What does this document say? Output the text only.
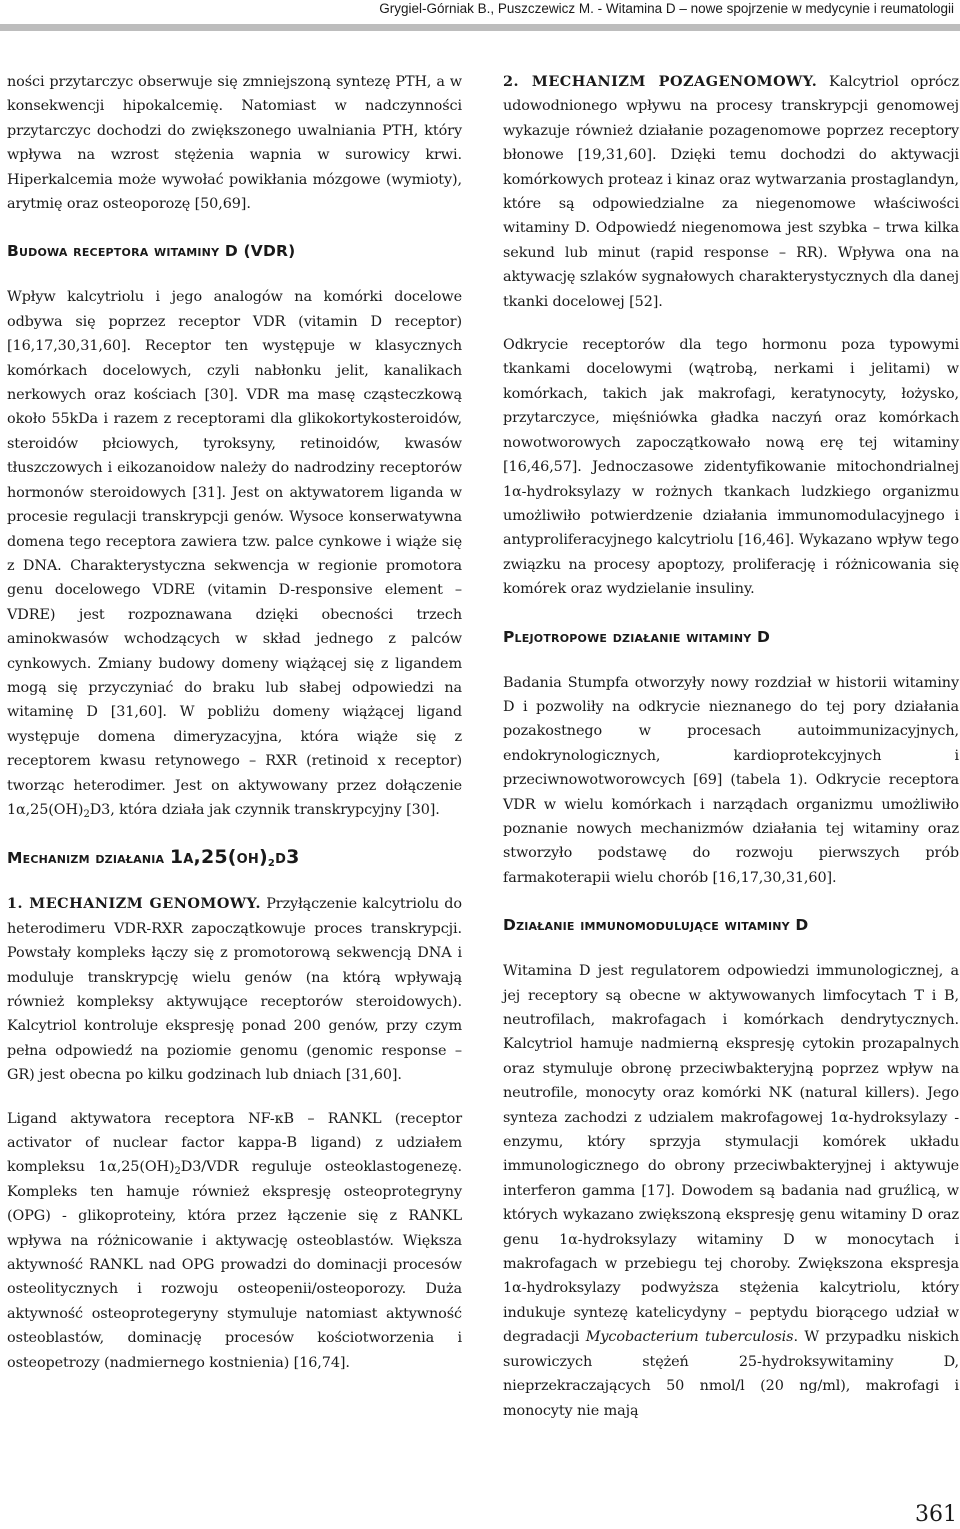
Grygiel-Górniak B., Puszczewicz M. - Witamina D – nowe spojrzenie w medycynie i reumatologii

ności przytarczyc obserwuje się zmniejszoną syntezę PTH, a w konsekwencji hipokalcemię. Natomiast w nadczynności przytarczyc dochodzi do zwiększonego uwalniania PTH, który wpływa na wzrost stężenia wapnia w surowicy krwi. Hiperkalcemia może wywołać powikłania mózgowe (wymioty), arytmię oraz osteoporozę [50,69].

Budowa receptora witaminy D (VDR)

Wpływ kalcytriolu i jego analogów na komórki docelowe odbywa się poprzez receptor VDR (vitamin D receptor) [16,17,30,31,60]. Receptor ten występuje w klasycznych komórkach docelowych, czyli nabłonku jelit, kanalikach nerkowych oraz kościach [30]. VDR ma masę cząsteczkową około 55kDa i razem z receptorami dla glikokortykosteroidów, steroidów płciowych, tyroksyny, retinoidów, kwasów tłuszczowych i eikozanoidow należy do nadrodziny receptorów hormonów steroidowych [31]. Jest on aktywatorem liganda w procesie regulacji transkrypcji genów. Wysoce konserwatywna domena tego receptora zawiera tzw. palce cynkowe i wiąże się z DNA. Charakterystyczna sekwencja w regionie promotora genu docelowego VDRE (vitamin D-responsive element – VDRE) jest rozpoznawana dzięki obecności trzech aminokwasów wchodzących w skład jednego z palców cynkowych. Zmiany budowy domeny wiążącej się z ligandem mogą się przyczyniać do braku lub słabej odpowiedzi na witaminę D [31,60]. W pobliżu domeny wiążącej ligand występuje domena dimeryzacyjna, która wiąże się z receptorem kwasu retynowego – RXR (retinoid x receptor) tworząc heterodimer. Jest on aktywowany przez dołączenie $1\alpha,25(OH)_2D3$, która działa jak czynnik transkrypcyjny [30].

Mechanizm działania $1\alpha,25(oh)_2d3$

1. MECHANIZM GENOMOWY. Przyłączenie kalcytriolu do heterodimeru VDR-RXR zapoczątkowuje proces transkrypcji. Powstały kompleks łączy się z promotorową sekwencją DNA i moduluje transkrypcję wielu genów (na którą wpływają również kompleksy aktywujące receptorów steroidowych). Kalcytriol kontroluje ekspresję ponad 200 genów, przy czym pełna odpowiedź na poziomie genomu (genomic response – GR) jest obecna po kilku godzinach lub dniach [31,60].

Ligand aktywatora receptora NF-κB – RANKL (receptor activator of nuclear factor kappa-B ligand) z udziałem kompleksu $1\alpha,25(OH)_2D3$/VDR reguluje osteoklastogenezę. Kompleks ten hamuje również ekspresję osteoprotegryny (OPG) - glikoproteiny, która przez łączenie się z RANKL wpływa na różnicowanie i aktywację osteoblastów. Większa aktywność RANKL nad OPG prowadzi do dominacji procesów osteolitycznych i rozwoju osteopenii/osteoporozy. Duża aktywność osteoprotegeryny stymuluje natomiast aktywność osteoblastów, dominację procesów kościotworzenia i osteopetrozy (nadmiernego kostnienia) [16,74].

2. MECHANIZM POZAGENOMOWY. Kalcytriol oprócz udowodnionego wpływu na procesy transkrypcji genomowej wykazuje również działanie pozagenomowe poprzez receptory błonowe [19,31,60]. Dzięki temu dochodzi do aktywacji komórkowych proteaz i kinaz oraz wytwarzania prostaglandyn, które są odpowiedzialne za niegenomowe właściwości witaminy D. Odpowiedź niegenomowa jest szybka – trwa kilka sekund lub minut (rapid response – RR). Wpływa ona na aktywację szlaków sygnałowych charakterystycznych dla danej tkanki docelowej [52].

Odkrycie receptorów dla tego hormonu poza typowymi tkankami docelowymi (wątrobą, nerkami i jelitami) w komórkach, takich jak makrofagi, keratynocyty, łożysko, przytarczyce, mięśniówka gładka naczyń oraz komórkach nowotworowych zapoczątkowało nową erę tej witaminy [16,46,57]. Jednoczasowe zidentyfikowanie mitochondrialnej 1α-hydroksylazy w rożnych tkankach ludzkiego organizmu umożliwiło potwierdzenie działania immunomodulacyjnego i antyproliferacyjnego kalcytriolu [16,46]. Wykazano wpływ tego związku na procesy apoptozy, proliferację i różnicowania się komórek oraz wydzielanie insuliny.

Plejotropowe działanie witaminy D

Badania Stumpfa otworzyły nowy rozdział w historii witaminy D i pozwoliły na odkrycie nieznanego do tej pory działania pozakostnego w procesach autoimmunizacyjnych, endokrynologicznych, kardioprotekcyjnych i przeciwnowotworowcych [69] (tabela 1). Odkrycie receptora VDR w wielu komórkach i narządach organizmu umożliwiło poznanie nowych mechanizmów działania tej witaminy oraz stworzyło podstawę do rozwoju pierwszych prób farmakoterapii wielu chorób [16,17,30,31,60].

Działanie immunomodulujące witaminy D

Witamina D jest regulatorem odpowiedzi immunologicznej, a jej receptory są obecne w aktywowanych limfocytach T i B, neutrofilach, makrofagach i komórkach dendrytycznych. Kalcytriol hamuje nadmierną ekspresję cytokin prozapalnych oraz stymuluje obronę przeciwbakteryjną poprzez wpływ na neutrofile, monocyty oraz komórki NK (natural killers). Jego synteza zachodzi z udzialem makrofagowej 1α-hydroksylazy - enzymu, który sprzyja stymulacji komórek układu immunologicznego do obrony przeciwbakteryjnej i aktywuje interferon gamma [17]. Dowodem są badania nad gruźlicą, w których wykazano zwiększoną ekspresję genu witaminy D oraz genu 1α-hydroksylazy witaminy D w monocytach i makrofagach w przebiegu tej choroby. Zwiększona ekspresja 1α-hydroksylazy podwyższa stężenia kalcytriolu, który indukuje syntezę katelicydyny – peptydu biorącego udział w degradacji Mycobacterium tuberculosis. W przypadku niskich surowiczych stężeń 25-hydroksywitaminy D, nieprzekraczających 50 nmol/l (20 ng/ml), makrofagi i monocyty nie mają

361
